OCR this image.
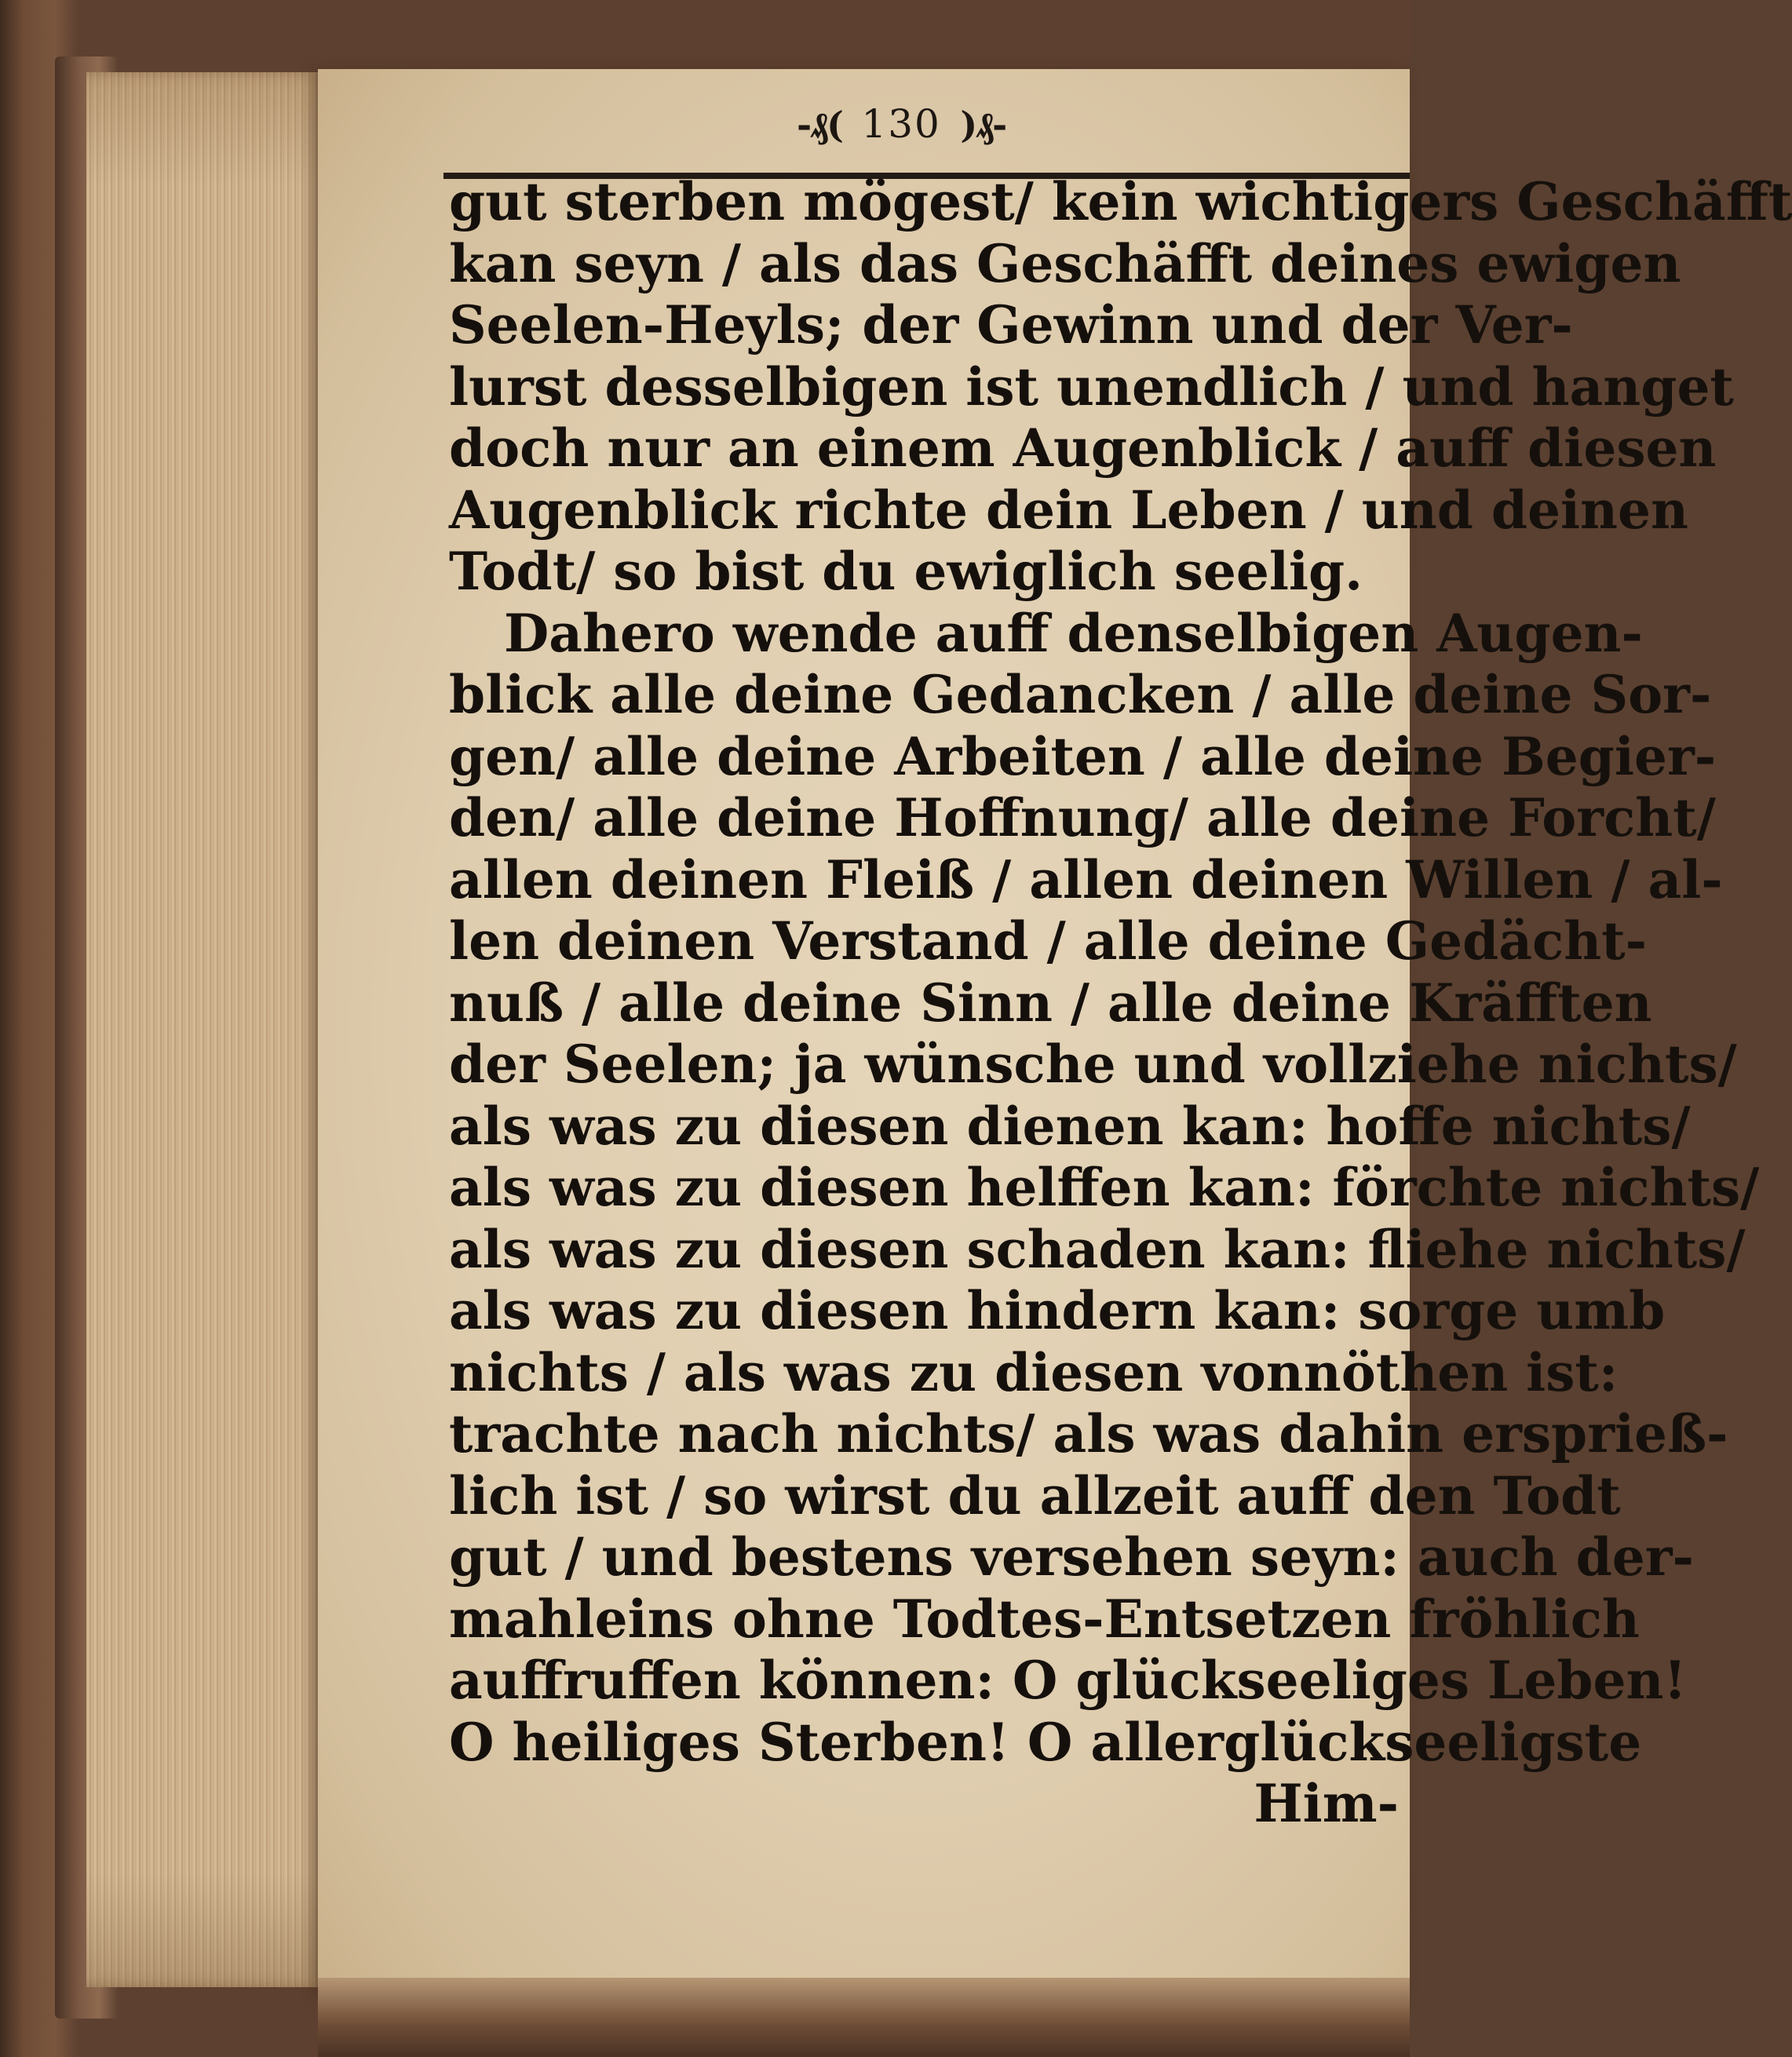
-₰( 130 )₰-
gut sterben mögest/ kein wichtigers Geschäfft
kan seyn / als das Geschäfft deines ewigen
Seelen-Heyls; der Gewinn und der Ver-
lurst desselbigen ist unendlich / und hanget
doch nur an einem Augenblick / auff diesen
Augenblick richte dein Leben / und deinen
Todt/ so bist du ewiglich seelig.
Dahero wende auff denselbigen Augen-
blick alle deine Gedancken / alle deine Sor-
gen/ alle deine Arbeiten / alle deine Begier-
den/ alle deine Hoffnung/ alle deine Forcht/
allen deinen Fleiß / allen deinen Willen / al-
len deinen Verstand / alle deine Gedächt-
nuß / alle deine Sinn / alle deine Kräfften
der Seelen; ja wünsche und vollziehe nichts/
als was zu diesen dienen kan: hoffe nichts/
als was zu diesen helffen kan: förchte nichts/
als was zu diesen schaden kan: fliehe nichts/
als was zu diesen hindern kan: sorge umb
nichts / als was zu diesen vonnöthen ist:
trachte nach nichts/ als was dahin ersprieß-
lich ist / so wirst du allzeit auff den Todt
gut / und bestens versehen seyn: auch der-
mahleins ohne Todtes-Entsetzen fröhlich
auffruffen können: O glückseeliges Leben!
O heiliges Sterben! O allerglückseeligste
Him-
